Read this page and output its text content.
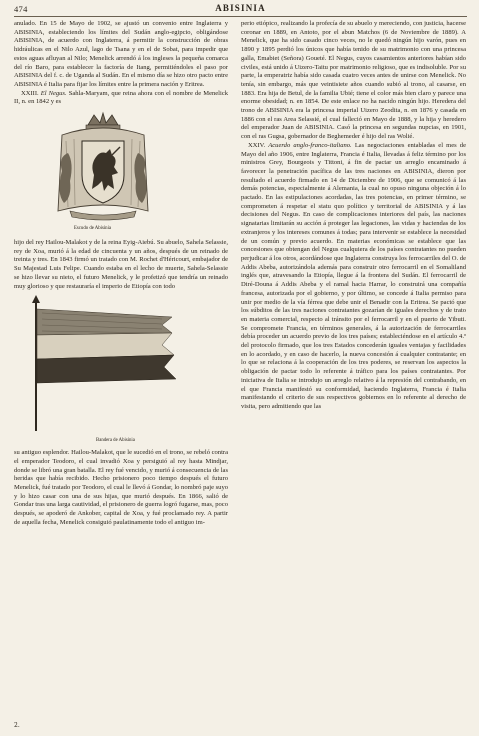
474	ABISINIA

anulado. En 15 de Mayo de 1902, se ajustó un convenio entre Inglaterra y ABISINIA, estableciendo los límites del Sudán anglo-egipcio, obligándose ABISINIA, de acuerdo con Inglaterra, á permitir la construcción de obras hidráulicas en el Nilo Azul, lago de Tsana y en el de Sobat, para impedir que estos aguas afluyan al Nilo; Menelick arrendó á los ingleses la pequeña comarca del río Baro, para establecer la factoría de Itang, permitiéndoles el paso por ABISINIA del f. c. de Uganda al Sudán. En el mismo día se hizo otro pacto entre ABISINIA é Italia para fijar los límites entre la primera nación y Eritrea.

XXIII. El Negus. Sahla-Maryam, que reina ahora con el nombre de Menelick II, n. en 1842 y es

Escudo de Abisinia

hijo del rey Hailou-Malakot y de la reina Eyig-Aiebú. Su abuelo, Sahela Selassie, rey de Xoa, murió á la edad de cincuenta y un años, después de un reinado de treinta y tres. En 1843 firmó un tratado con M. Rochet d'Héricourt, embajador de Su Majestad Luis Felipe. Cuando estaba en el lecho de muerte, Sahela-Selassie se hizo llevar su nieto, el futuro Menelick, y le profetizó que tendría un reinado muy glorioso y que restauraría el imperio de Etiopía con todo

Bandera de Abisinia

su antiguo esplendor. Hailou-Malakot, que le sucedió en el trono, se rebeló contra el emperador Teodoro, el cual invadió Xoa y persiguió al rey hasta Mindjar, donde se libró una gran batalla. El rey fué vencido, y murió á consecuencia de las heridas que había recibido. Hecho prisionero poco tiempo después el futuro Menelick, fué tratado por Teodoro, el cual le llevó á Gondar, lo nombró paje suyo y lo hizo casar con una de sus hijas, que murió después. En 1866, salió de Gondar tras una larga cautividad, el prisionero de guerra logró fugarse, mas, poco después, se apoderó de Ankober, capital de Xoa, y fué proclamado rey. A partir de aquella fecha, Menelick consiguió paulatinamente todo el antiguo im-

perio etiópico, realizando la profecía de su abuelo y mereciendo, con justicia, hacerse coronar en 1889, en Antoto, por el abun Matchos (6 de Noviembre de 1889). A Menelick, que ha sido casado cinco veces, no le quedó ningún hijo varón, pues en 1890 y 1895 perdió los únicos que había tenido de su matrimonio con una princesa galla, Emabiet (Señora) Goueté. El Negus, cuyos casamientos anteriores habían sido civiles, está unido á Uizero-Taitu por matrimonio religioso, que es indisoluble. Por su parte, la emperatriz había sido casada cuatro veces antes de unirse con Menelick. No tenía, sin embargo, más que veintisiete años cuando subió al trono, al casarse, en 1883. Era hija de Betul, de la familia Ubié; tiene el color más bien claro y parece una enorme obesidad; n. en 1854. De este enlace no ha nacido ningún hijo. Heredera del trono de ABISINIA era la princesa imperial Uizero Zeodita, n. en 1876 y casada en 1886 con el ras Area Selassié, el cual falleció en Mayo de 1888, y la hija y heredero del emperador Juan de ABISINIA. Casó la princesa en segundas nupcias, en 1901, con el ras Gugsa, gobernador de Beghemeder é hijo del ras Wolié.

XXIV. Acuerdo anglo-franco-italiano. Las negociaciones entabladas el mes de Mayo del año 1906, entre Inglaterra, Francia é Italia, llevadas á feliz término por los ministros Grey, Bourgeois y Tittoni, á fin de pactar un arreglo encaminado á favorecer la penetración pacífica de las tres naciones en ABISINIA, dieron por resultado el acuerdo firmado en 14 de Diciembre de 1906, que se comunicó á las demás potencias, especialmente á Alemania, la cual no opuso ninguna objeción á lo pactado. En las estipulaciones acordadas, las tres potencias, en primer término, se comprometen á respetar el statu quo político y territorial de ABISINIA y á las decisiones del Negus. En caso de complicaciones interiores del país, las naciones signatarias limitarán su acción á proteger las legaciones, las vidas y haciendas de los extranjeros y los intereses comunes á todas; para intervenir se establece la necesidad de un común y previo acuerdo. En materias económicas se establece que las concesiones que obtengan del Negus cualquiera de los países contratantes no pueden perjudicar á los otros, acordándose que Inglaterra construya los ferrocarriles del O. de Addis Abeba, autorizándola además para construir otro ferrocarril en el Somaliland inglés que, atravesando la Etiopía, llegue á la frontera del Sudán. El ferrocarril de Diré-Douna á Addis Abeba y el ramal hacia Harrar, lo construirá una compañía francesa, autorizada por el gobierno, y por último, se concede á Italia permiso para unir por medio de la vía férrea que debe unir el Benadir con la Eritrea. Se pactó que los súbditos de las tres naciones contratantes gozarían de iguales derechos y de trato en materia comercial, respecto al tránsito por el ferrocarril y en el puerto de Yibuti. Se compromete Francia, en términos generales, á la autorización de ferrocarriles debía proceder un acuerdo previo de los tres países; estableciéndose en el artículo 4.º del protocolo firmado, que los tres Estados concederán iguales ventajas y facilidades en lo acordado, y en caso de hacerlo, la nueva concesión á cualquier contratante; en lo que se relaciona á la cooperación de los tres poderes, se reservan los aspectos la obligación de pactar todo lo referente á tráfico para los países contratantes. Por iniciativa de Italia se introdujo un arreglo relativo á la represión del contrabando, en el que Francia manifestó su conformidad, haciendo Inglaterra, Francia é Italia manifestando el criterio de sus respectivos gobiernos en lo referente al derecho de visita, pero admitiendo que las

2.
